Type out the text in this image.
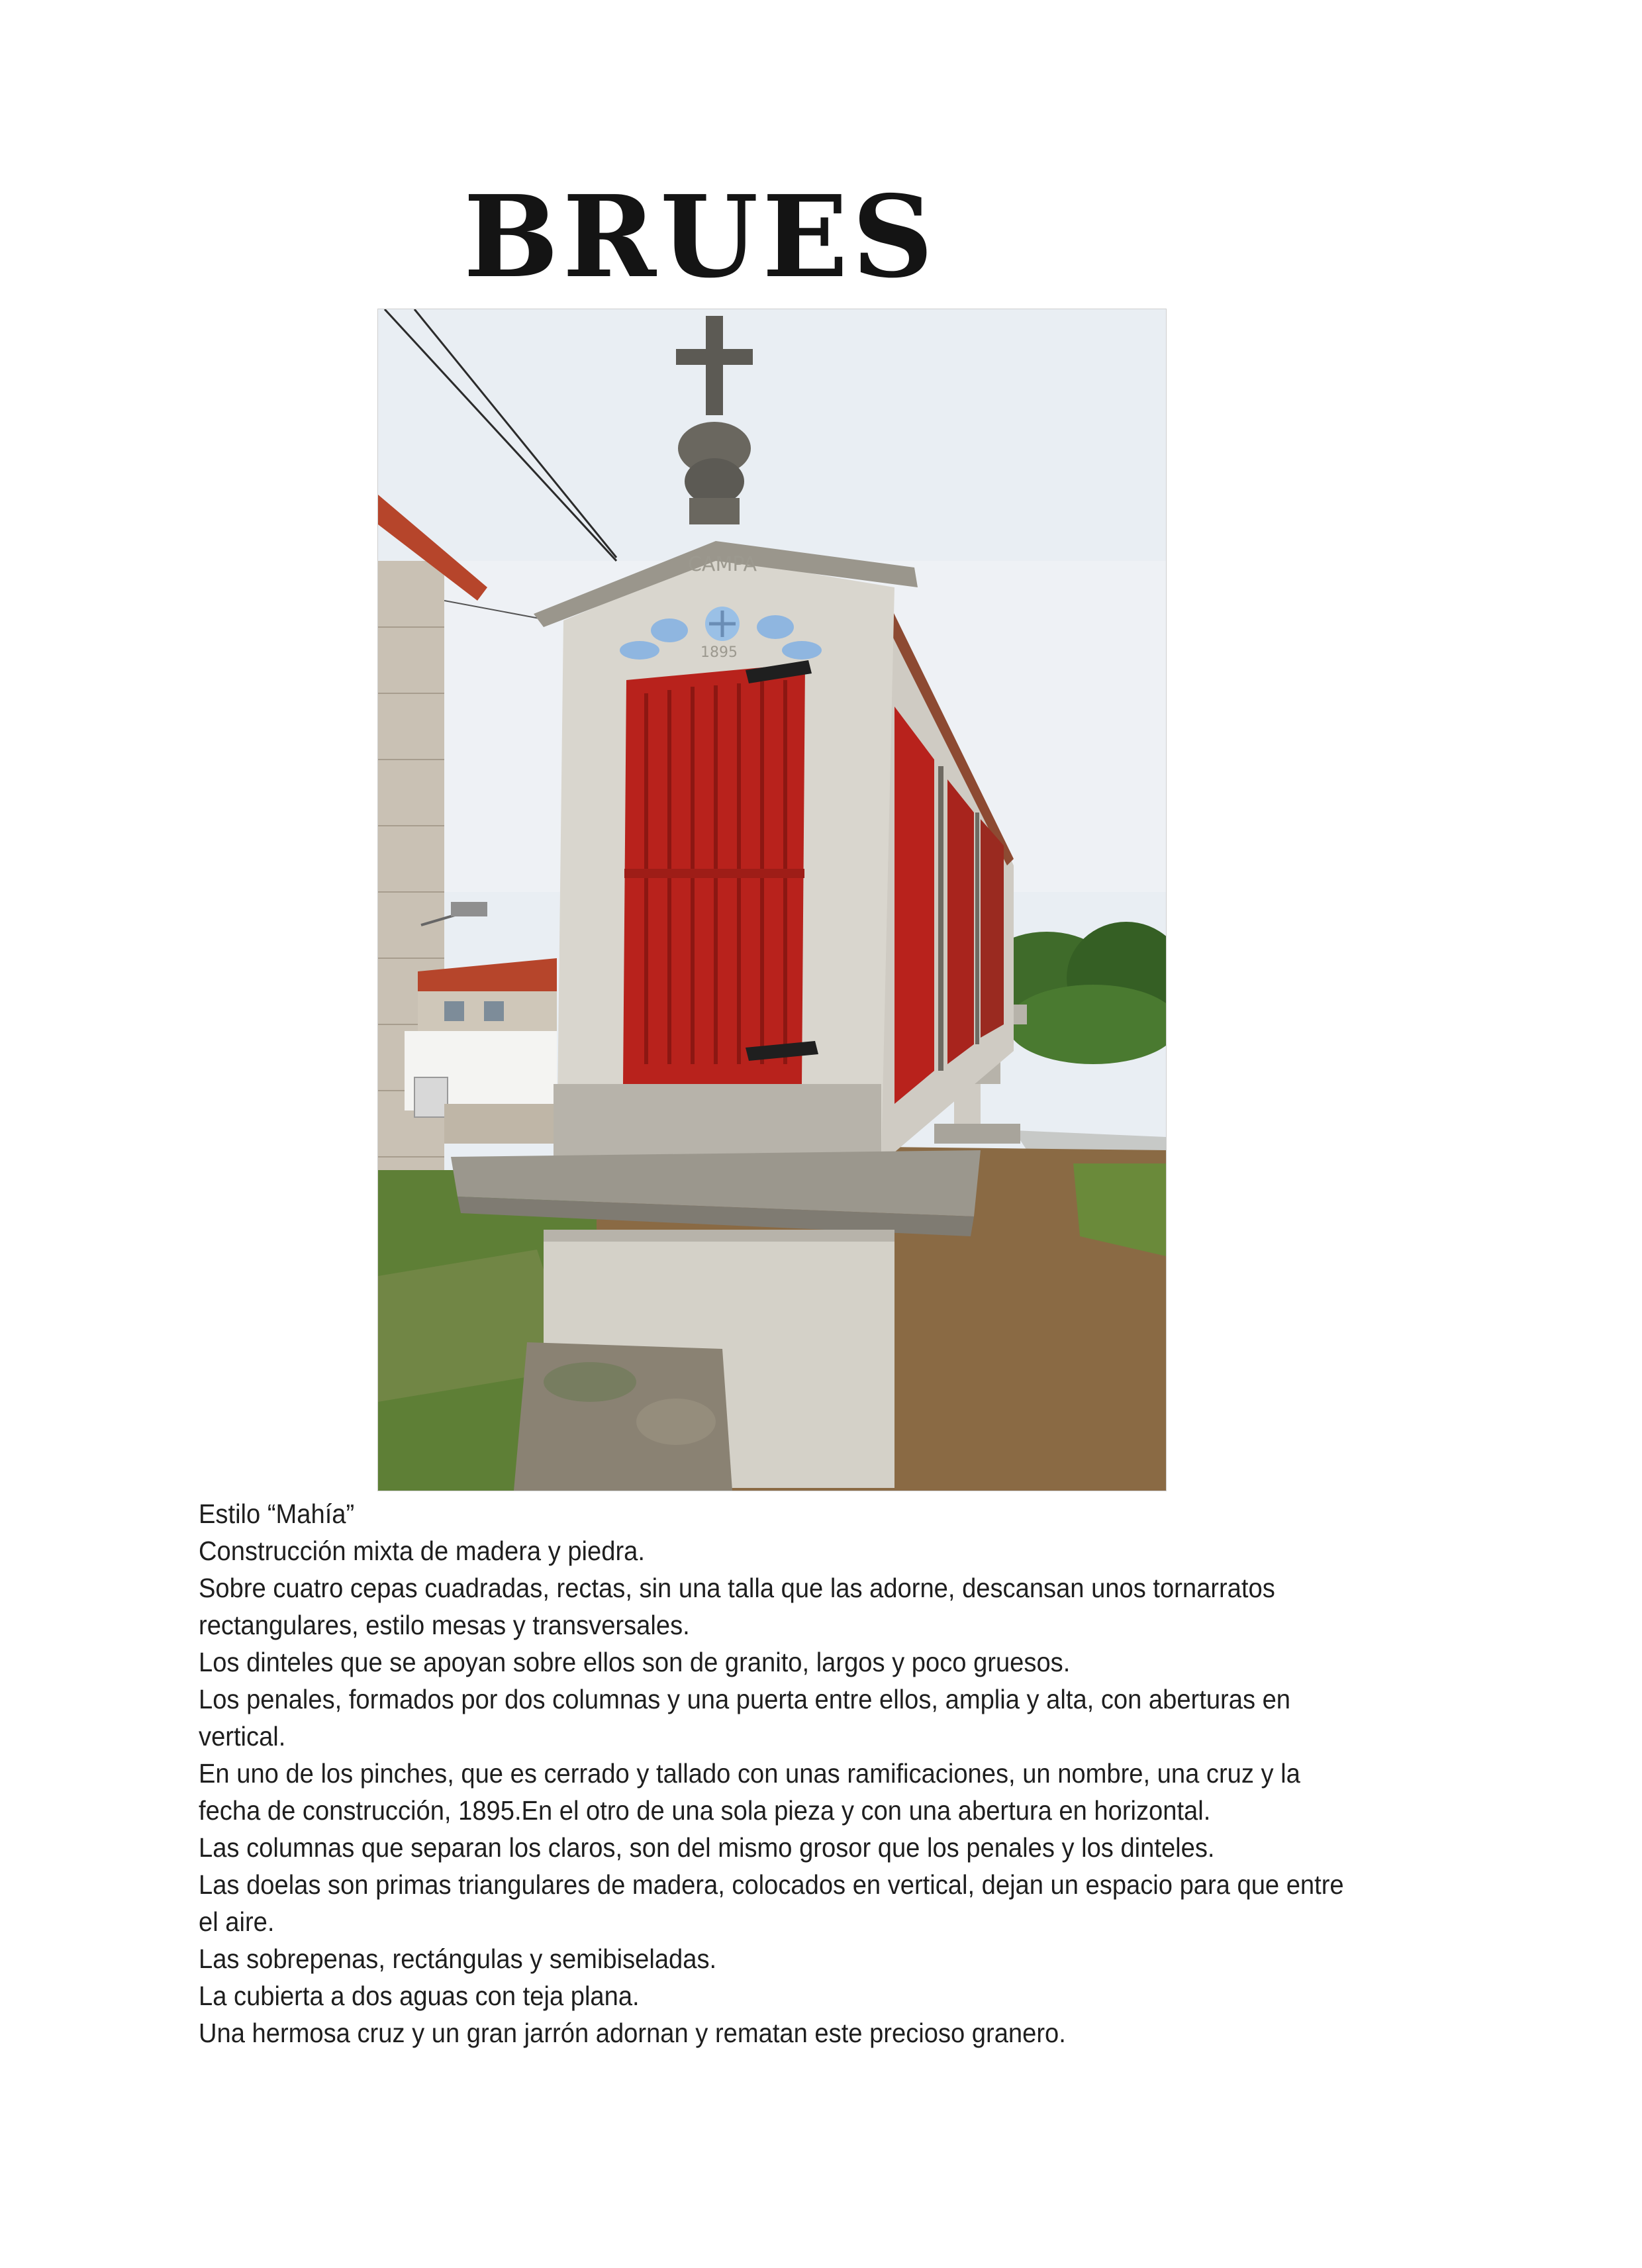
BRUES
CAMPA
1895

Estilo “Mahía”

Construcción mixta de madera y piedra.

Sobre cuatro cepas cuadradas, rectas, sin una talla que las adorne, descansan unos tornarratos rectangulares, estilo mesas y transversales.

Los dinteles que se apoyan sobre ellos son de granito, largos y poco gruesos.

Los penales, formados por dos columnas y una puerta entre ellos, amplia y alta, con aberturas en vertical.

En uno de los pinches, que es cerrado y tallado con unas ramificaciones, un nombre, una cruz y la fecha de construcción, 1895.En el otro de una sola pieza y con una abertura en horizontal.

Las columnas que separan los claros, son del mismo grosor que los penales y los dinteles.

Las doelas son primas triangulares de madera, colocados en vertical, dejan un espacio para que entre el aire.

Las sobrepenas, rectángulas y semibiseladas.

La cubierta a dos aguas con teja plana.

Una hermosa cruz y un gran jarrón adornan y rematan este precioso granero.
